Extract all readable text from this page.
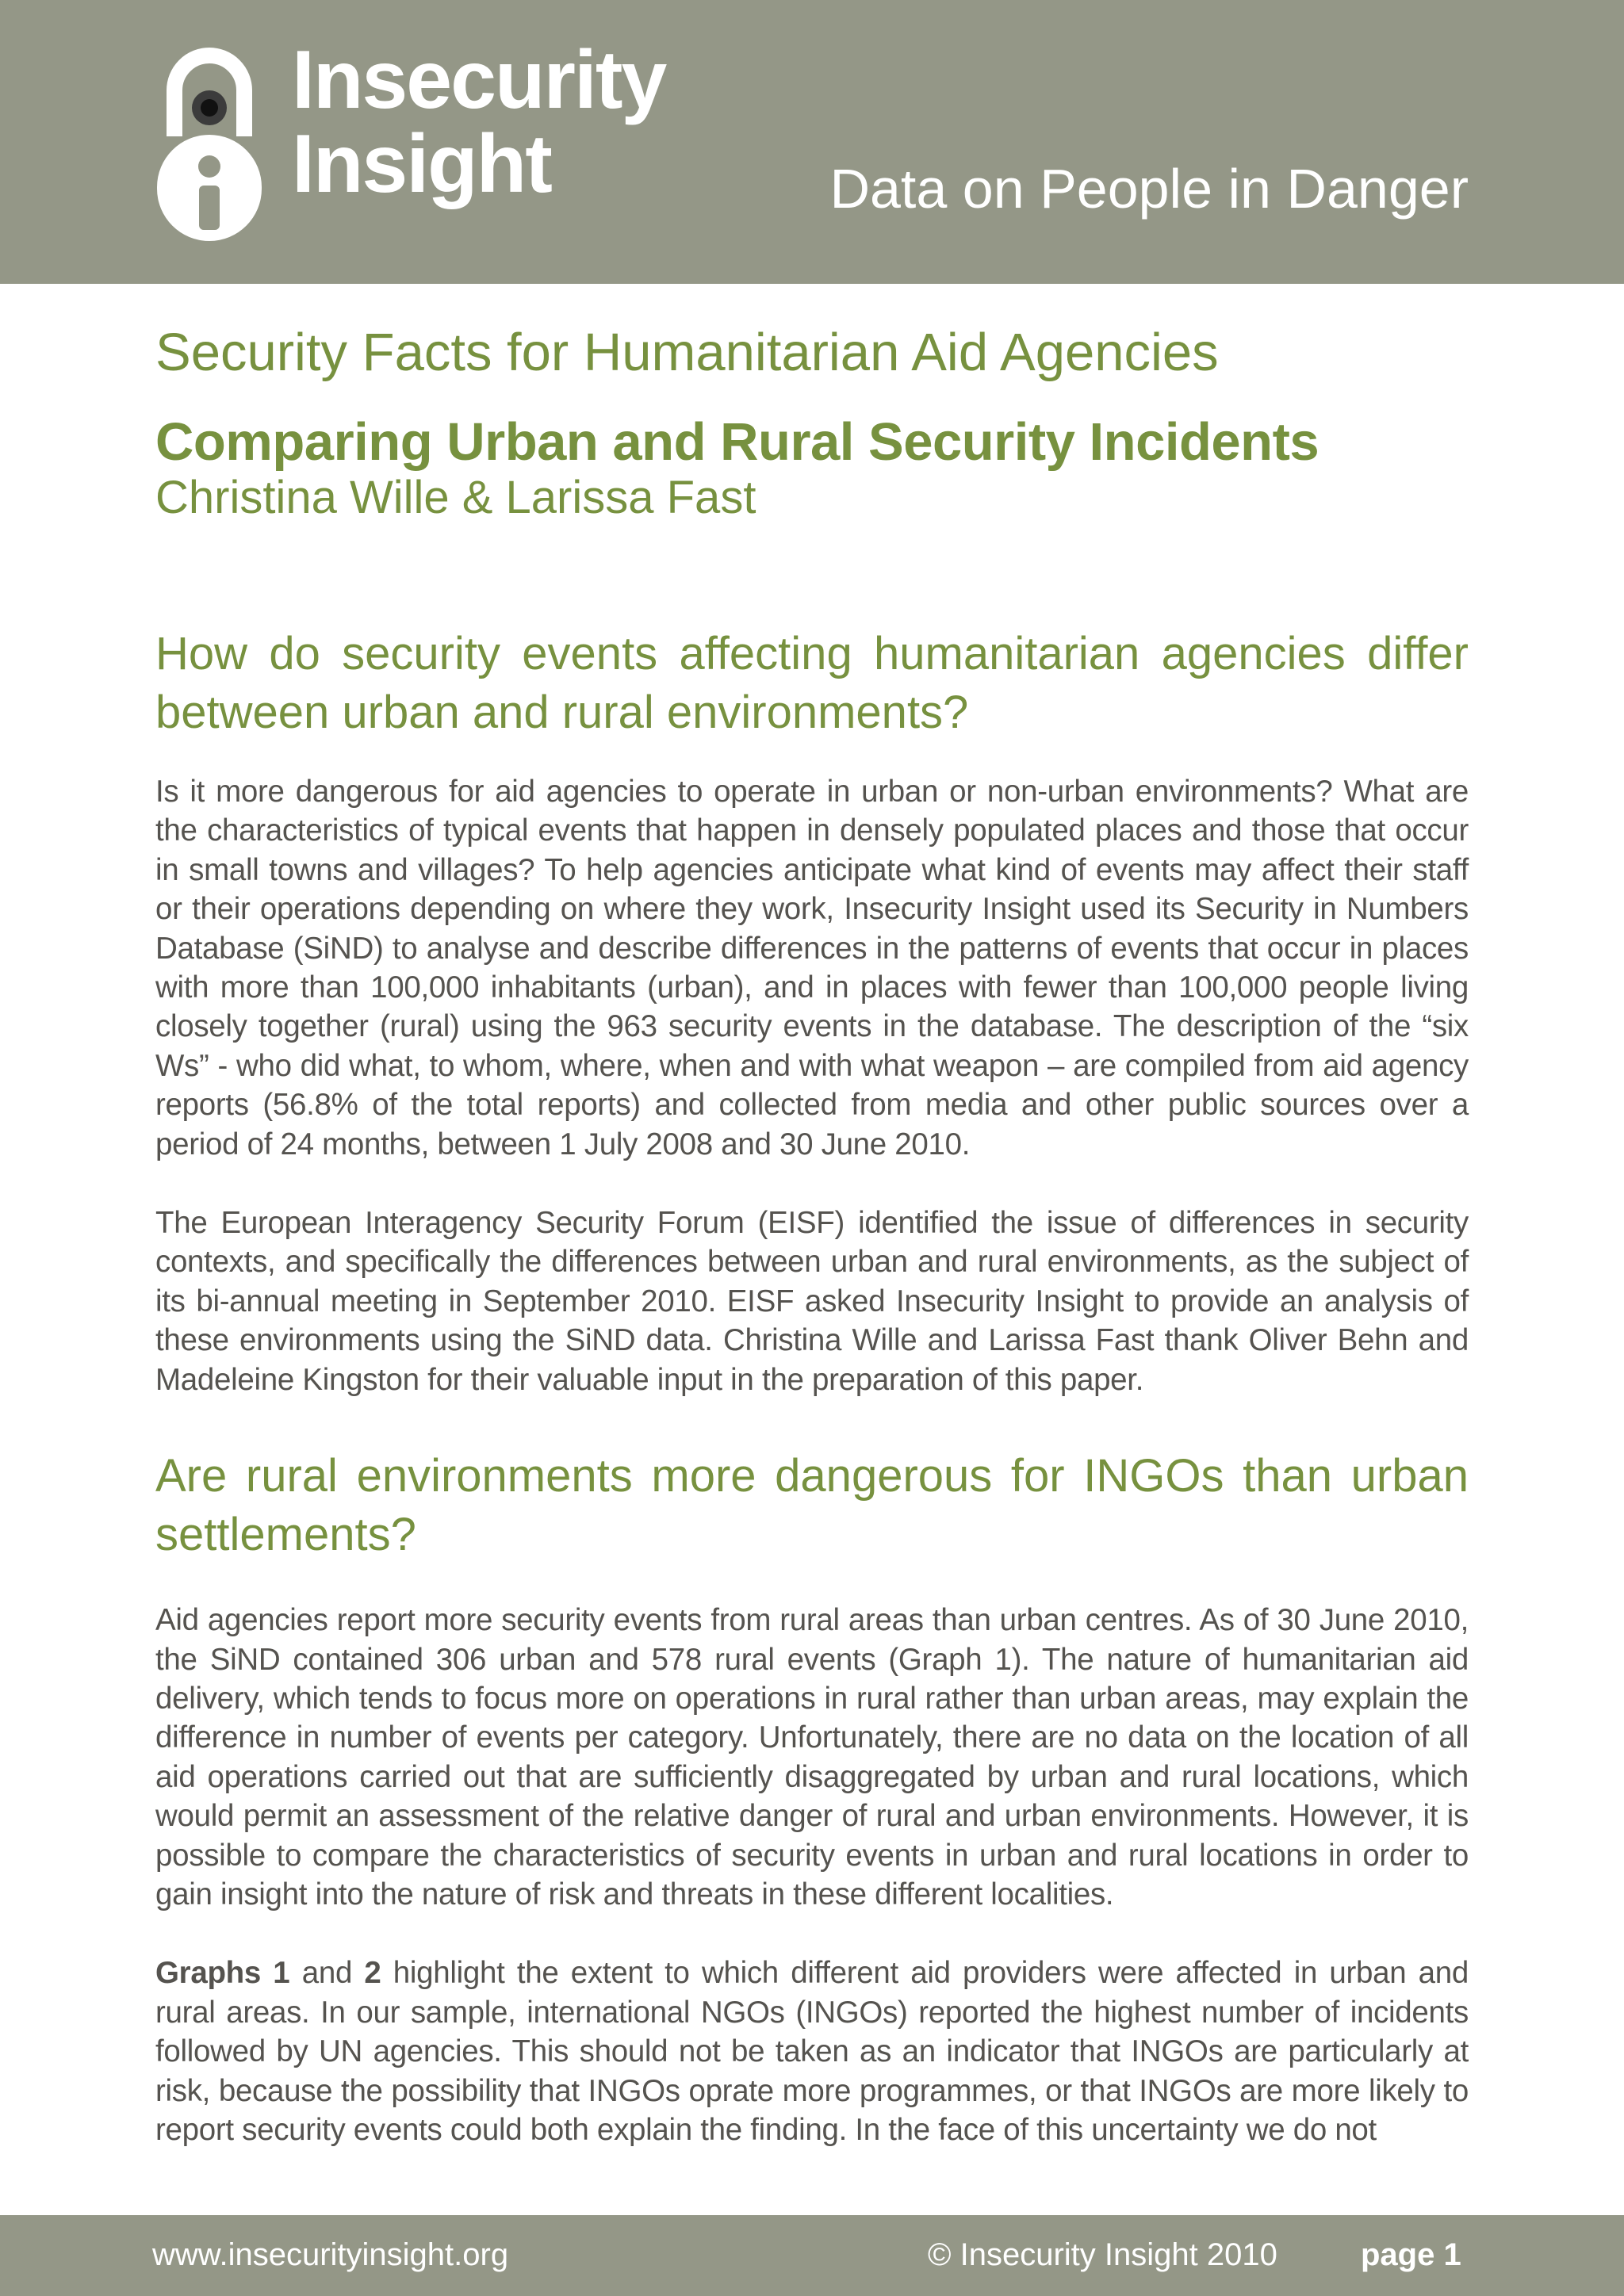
Insecurity
Insight	Data on People in Danger
Security Facts for Humanitarian Aid Agencies
Comparing Urban and Rural Security Incidents
Christina Wille & Larissa Fast
How do security events affecting humanitarian agencies differ between urban and rural environments?

Is it more dangerous for aid agencies to operate in urban or non-urban environments? What are the characteristics of typical events that happen in densely populated places and those that occur in small towns and villages? To help agencies anticipate what kind of events may affect their staff or their operations depending on where they work, Insecurity Insight used its Security in Numbers Database (SiND) to analyse and describe differences in the patterns of events that occur in places with more than 100,000 inhabitants (urban), and in places with fewer than 100,000 people living closely together (rural) using the 963 security events in the database. The description of the “six Ws” - who did what, to whom, where, when and with what weapon – are compiled from aid agency reports (56.8% of the total reports) and collected from media and other public sources over a period of 24 months, between 1 July 2008 and 30 June 2010.

The European Interagency Security Forum (EISF) identified the issue of differences in security contexts, and specifically the differences between urban and rural environments, as the subject of its bi-annual meeting in September 2010. EISF asked Insecurity Insight to provide an analysis of these environments using the SiND data. Christina Wille and Larissa Fast thank Oliver Behn and Madeleine Kingston for their valuable input in the preparation of this paper.

Are rural environments more dangerous for INGOs than urban settlements?

Aid agencies report more security events from rural areas than urban centres. As of 30 June 2010, the SiND contained 306 urban and 578 rural events (Graph 1). The nature of humanitarian aid delivery, which tends to focus more on operations in rural rather than urban areas, may explain the difference in number of events per category. Unfortunately, there are no data on the location of all aid operations carried out that are sufficiently disaggregated by urban and rural locations, which would permit an assessment of the relative danger of rural and urban environments. However, it is possible to compare the characteristics of security events in urban and rural locations in order to gain insight into the nature of risk and threats in these different localities.

Graphs 1 and 2 highlight the extent to which different aid providers were affected in urban and rural areas. In our sample, international NGOs (INGOs) reported the highest number of incidents followed by UN agencies. This should not be taken as an indicator that INGOs are particularly at risk, because the possibility that INGOs oprate more programmes, or that INGOs are more likely to report security events could both explain the finding. In the face of this uncertainty we do not

www.insecurityinsight.org	© Insecurity Insight 2010	page 1
